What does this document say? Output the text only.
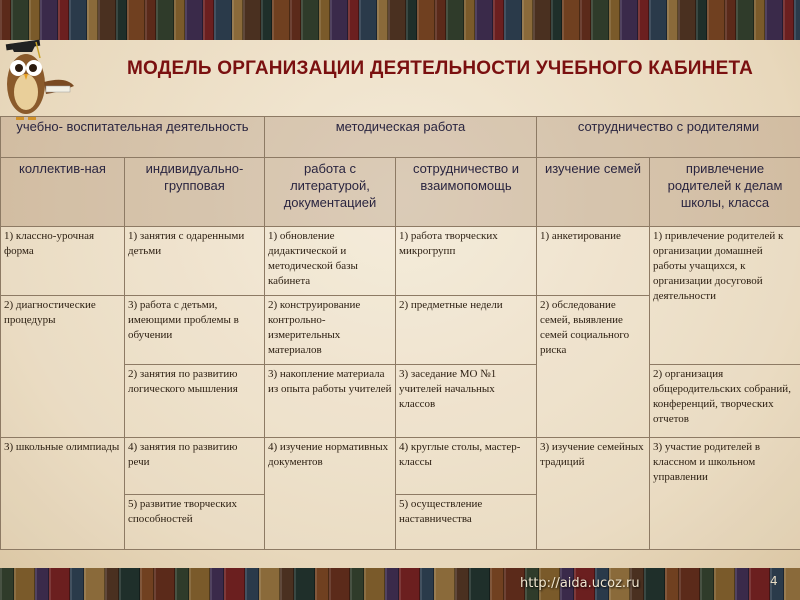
МОДЕЛЬ ОРГАНИЗАЦИИ ДЕЯТЕЛЬНОСТИ УЧЕБНОГО КАБИНЕТА
учебно- воспитательная деятельность		методическая работа		сотрудничество с родителями	
коллектив-ная	индивидуально-групповая	работа с литературой, документацией	сотрудничество и взаимопомощь	изучение семей	привлечение родителей к делам школы, класса
1) классно-урочная форма	1) занятия с одаренными детьми	1) обновление дидактической и методической базы кабинета	1) работа творческих микрогрупп	1) анкетирование	1) привлечение родителей к организации домашней работы учащихся, к организации досуговой деятельности
2) диагностические процедуры	3) работа с детьми, имеющими проблемы в обучении	2) конструирование контрольно-измерительных материалов	2) предметные недели	2) обследование семей, выявление семей социального риска	
	2) занятия по развитию логического мышления	3) накопление материала из опыта работы учителей	3) заседание МО №1 учителей начальных классов		2) организация общеродительских собраний, конференций, творческих отчетов
3) школьные олимпиады	4) занятия по развитию речи	4) изучение нормативных документов	4) круглые столы, мастер-классы	3) изучение семейных традиций	3) участие родителей в классном и школьном управлении
	5) развитие творческих способностей		5) осуществление наставничества		
http://aida.ucoz.ru	4
